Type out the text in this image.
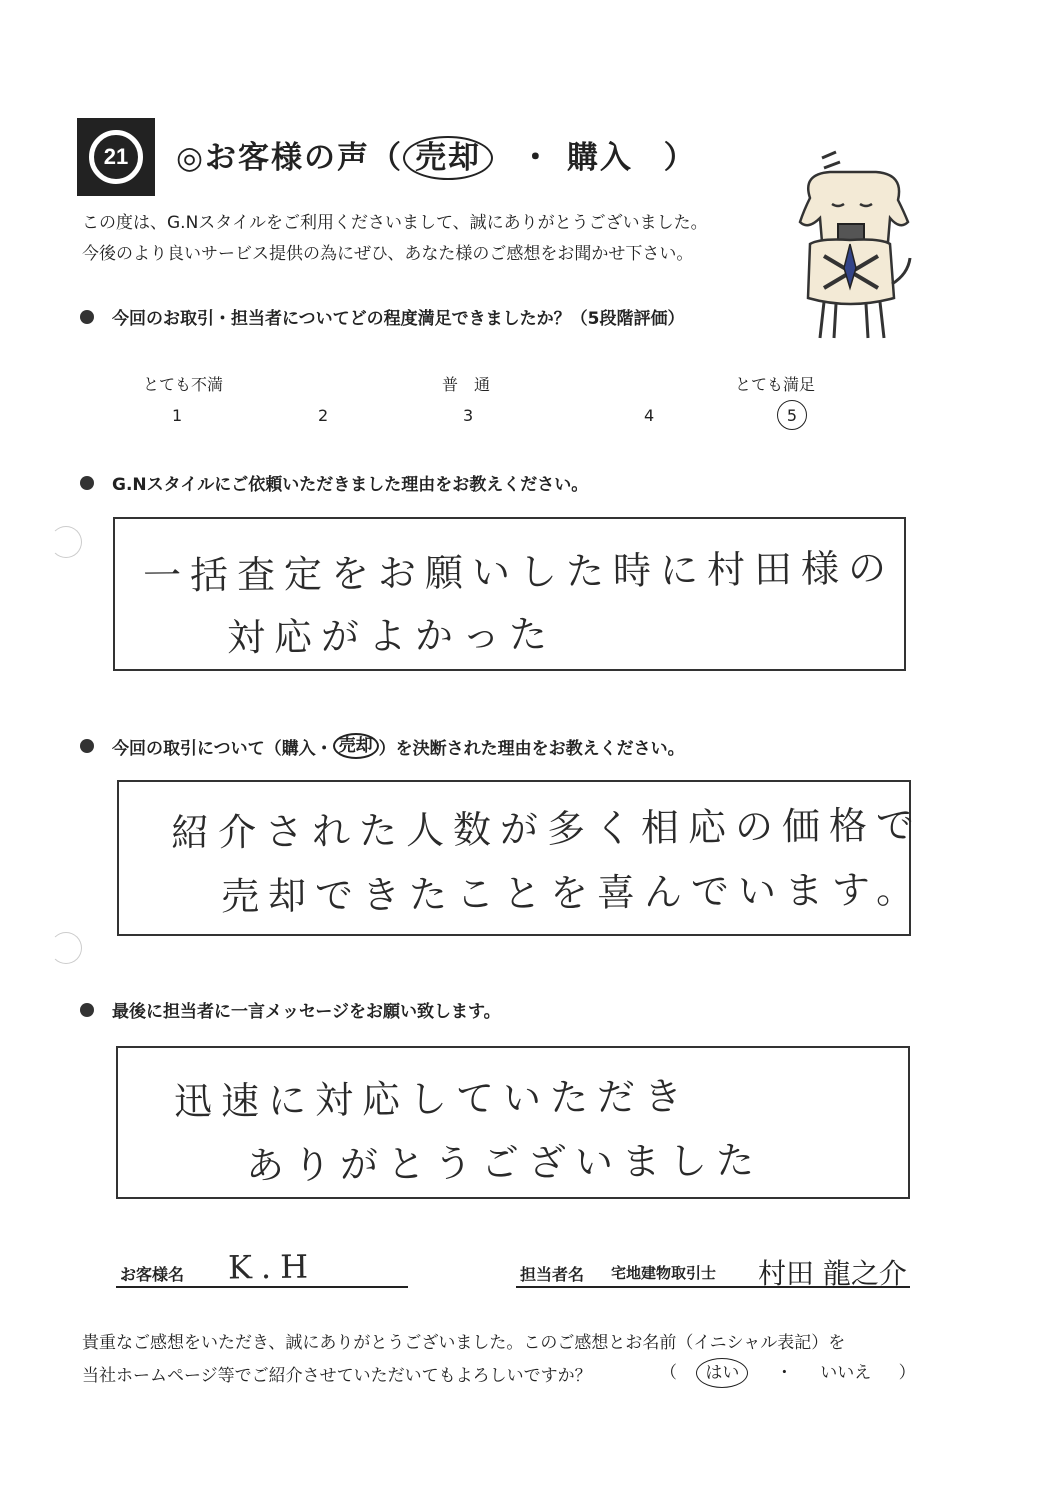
21	◎お客様の声（ 売却 ・ 購入 ）
この度は、G.Nスタイルをご利用くださいまして、誠にありがとうございました。
今後のより良いサービス提供の為にぜひ、あなた様のご感想をお聞かせ下さい。
今回のお取引・担当者についてどの程度満足できましたか？（5段階評価）
とても不満	普　通	とても満足
1	2	3	4	5
G.Nスタイルにご依頼いただきました理由をお教えください。
一括査定をお願いした時に村田様の
対応がよかった
今回の取引について（購入・ 売却 ）を決断された理由をお教えください。
紹介された人数が多く相応の価格で
売却できたことを喜んでいます。
最後に担当者に一言メッセージをお願い致します。
迅速に対応していただき
ありがとうございました
お客様名 K.H	担当者名 宅地建物取引士 村田 龍之介
貴重なご感想をいただき、誠にありがとうございました。このご感想とお名前（イニシャル表記）を
当社ホームページ等でご紹介させていただいてもよろしいですか？	（ はい ・ いいえ ）
